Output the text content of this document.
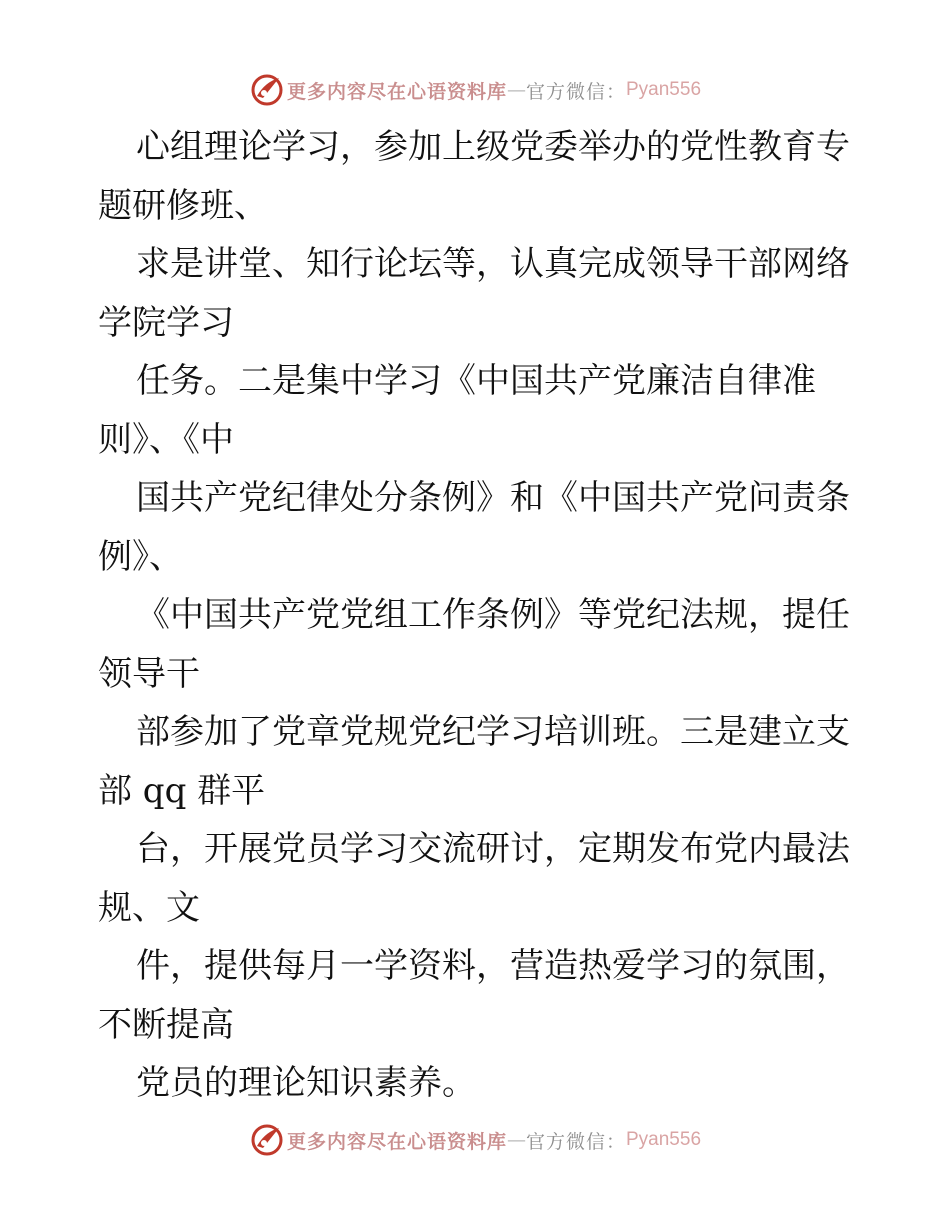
更多内容尽在心语资料库 — 官方微信： Pyan556
心组理论学习，参加上级党委举办的党性教育专
题研修班、
求是讲堂、知行论坛等，认真完成领导干部网络
学院学习
任务。二是集中学习《中国共产党廉洁自律准
则》、《中
国共产党纪律处分条例》和《中国共产党问责条
例》、
《中国共产党党组工作条例》等党纪法规，提任
领导干
部参加了党章党规党纪学习培训班。三是建立支
部 qq 群平
台，开展党员学习交流研讨，定期发布党内最法
规、文
件，提供每月一学资料，营造热爱学习的氛围，
不断提高
党员的理论知识素养。
更多内容尽在心语资料库 — 官方微信： Pyan556
